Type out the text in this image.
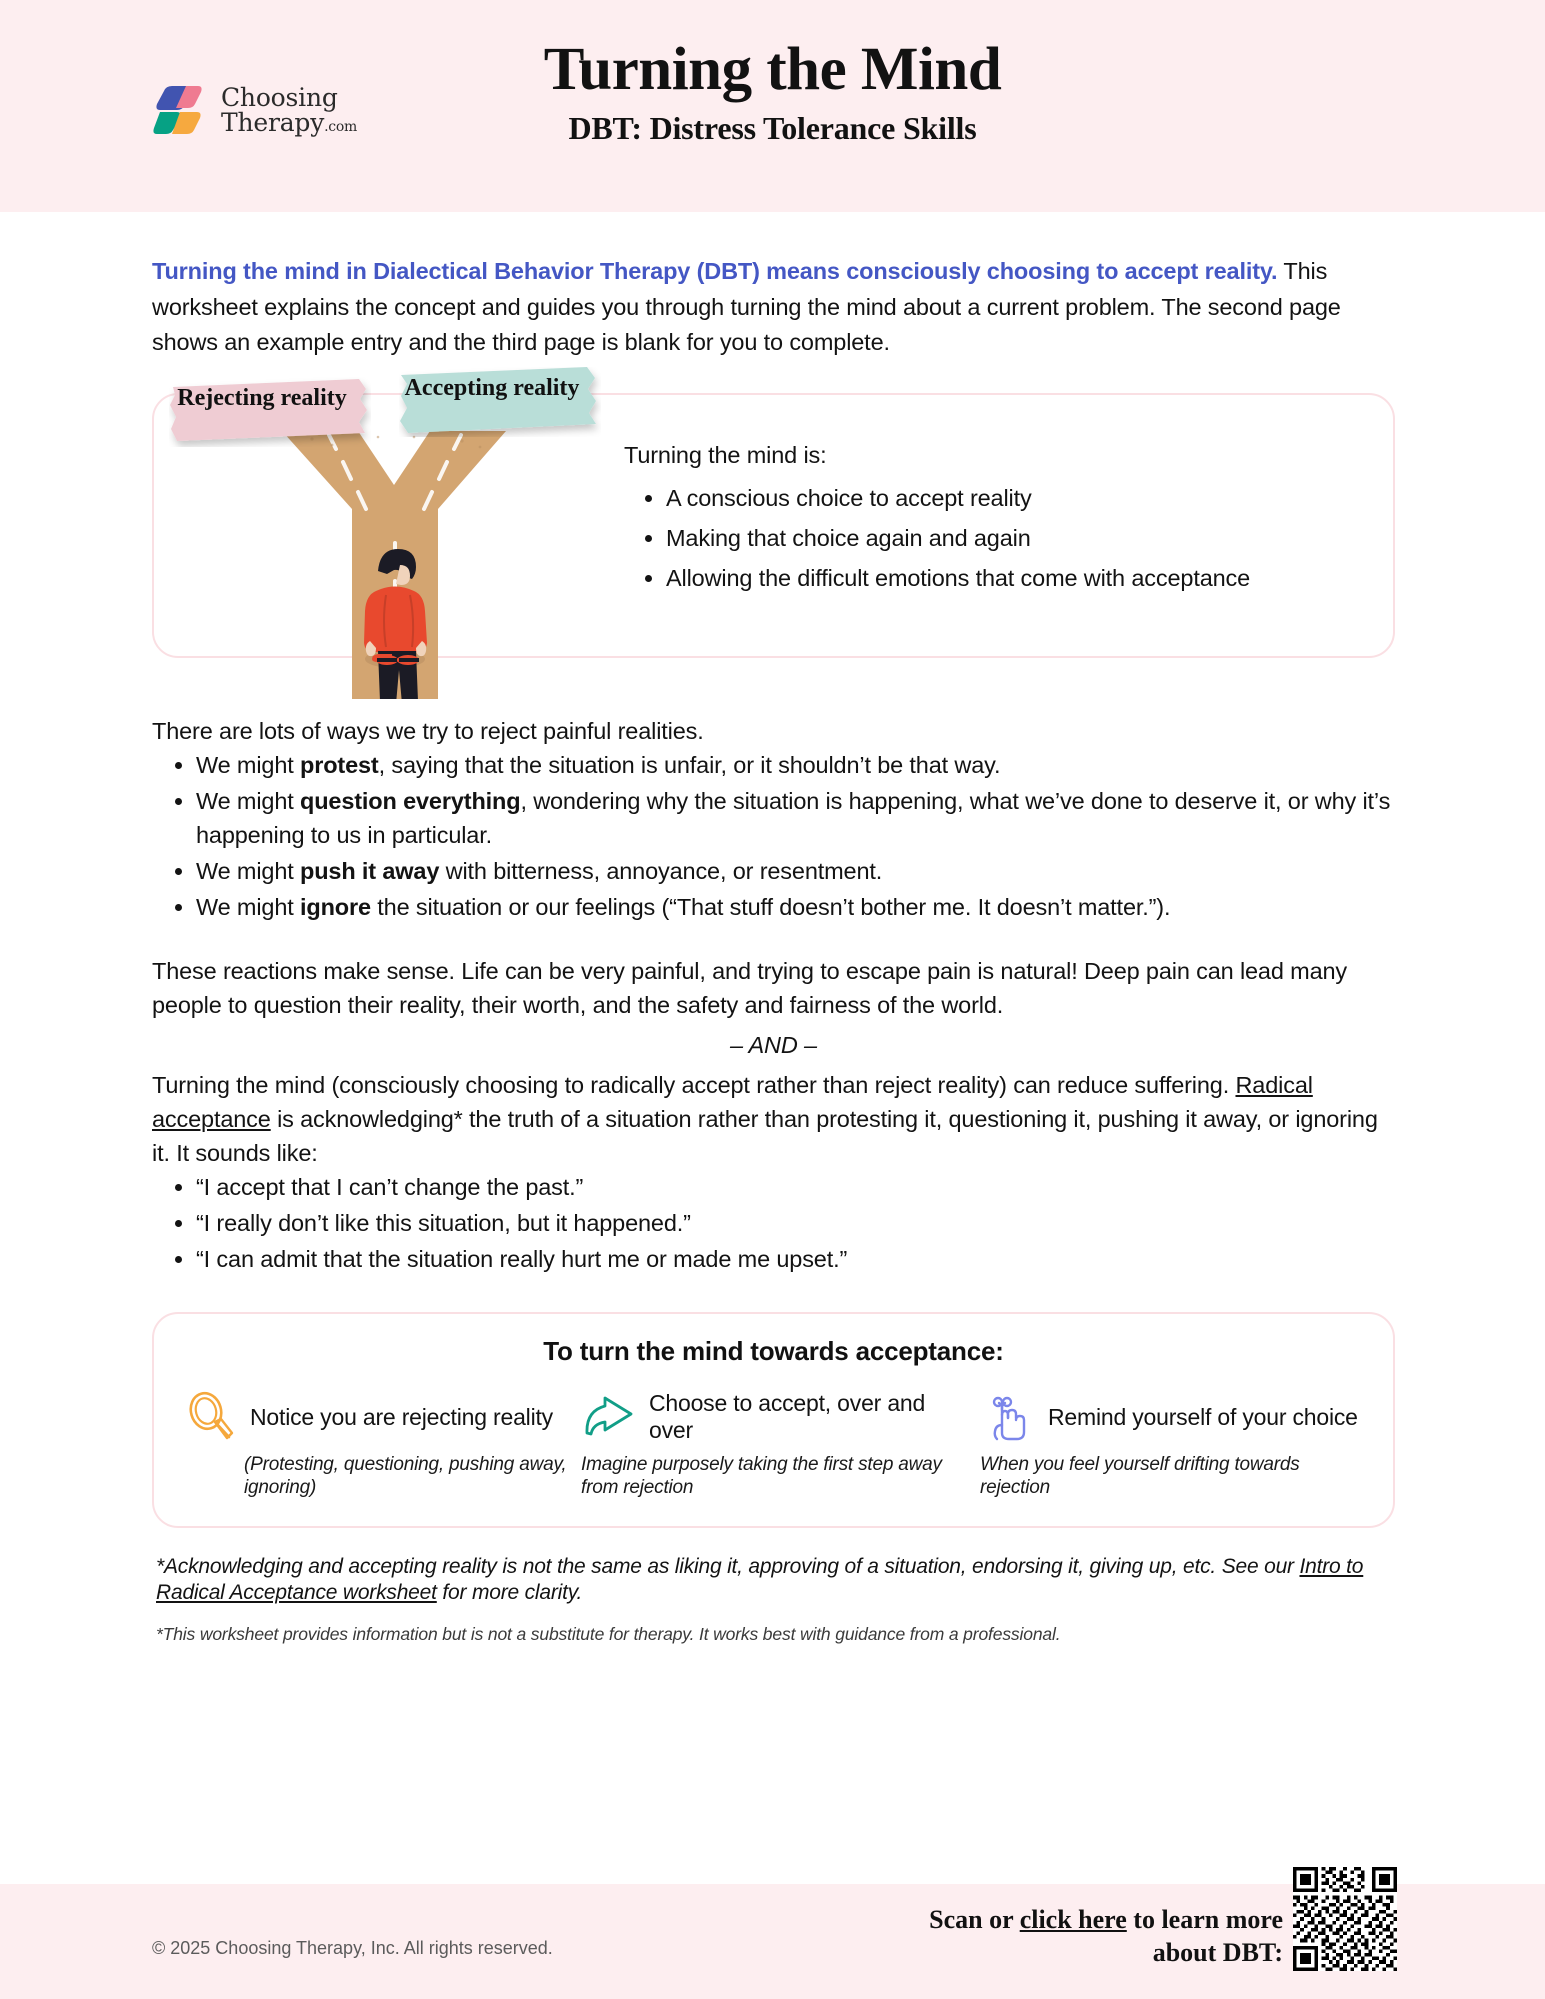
Choosing
Therapy.com
Turning the Mind
DBT: Distress Tolerance Skills
Turning the mind in Dialectical Behavior Therapy (DBT) means consciously choosing to accept reality. This worksheet explains the concept and guides you through turning the mind about a current problem. The second page shows an example entry and the third page is blank for you to complete.
Rejecting reality	Accepting reality
Turning the mind is:
• A conscious choice to accept reality
• Making that choice again and again
• Allowing the difficult emotions that come with acceptance

There are lots of ways we try to reject painful realities.

• We might protest, saying that the situation is unfair, or it shouldn’t be that way.
• We might question everything, wondering why the situation is happening, what we’ve done to deserve it, or why it’s happening to us in particular.
• We might push it away with bitterness, annoyance, or resentment.
• We might ignore the situation or our feelings (“That stuff doesn’t bother me. It doesn’t matter.”).

These reactions make sense. Life can be very painful, and trying to escape pain is natural! Deep pain can lead many people to question their reality, their worth, and the safety and fairness of the world.

– AND –

Turning the mind (consciously choosing to radically accept rather than reject reality) can reduce suffering. Radical acceptance is acknowledging* the truth of a situation rather than protesting it, questioning it, pushing it away, or ignoring it. It sounds like:

• “I accept that I can’t change the past.”
• “I really don’t like this situation, but it happened.”
• “I can admit that the situation really hurt me or made me upset.”
To turn the mind towards acceptance:
Notice you are rejecting reality
(Protesting, questioning, pushing away, ignoring)
Choose to accept, over and over
Imagine purposely taking the first step away from rejection
Remind yourself of your choice
When you feel yourself drifting towards rejection
*Acknowledging and accepting reality is not the same as liking it, approving of a situation, endorsing it, giving up, etc. See our Intro to Radical Acceptance worksheet for more clarity.
*This worksheet provides information but is not a substitute for therapy. It works best with guidance from a professional.
© 2025 Choosing Therapy, Inc. All rights reserved.
Scan or click here to learn more
about DBT:
